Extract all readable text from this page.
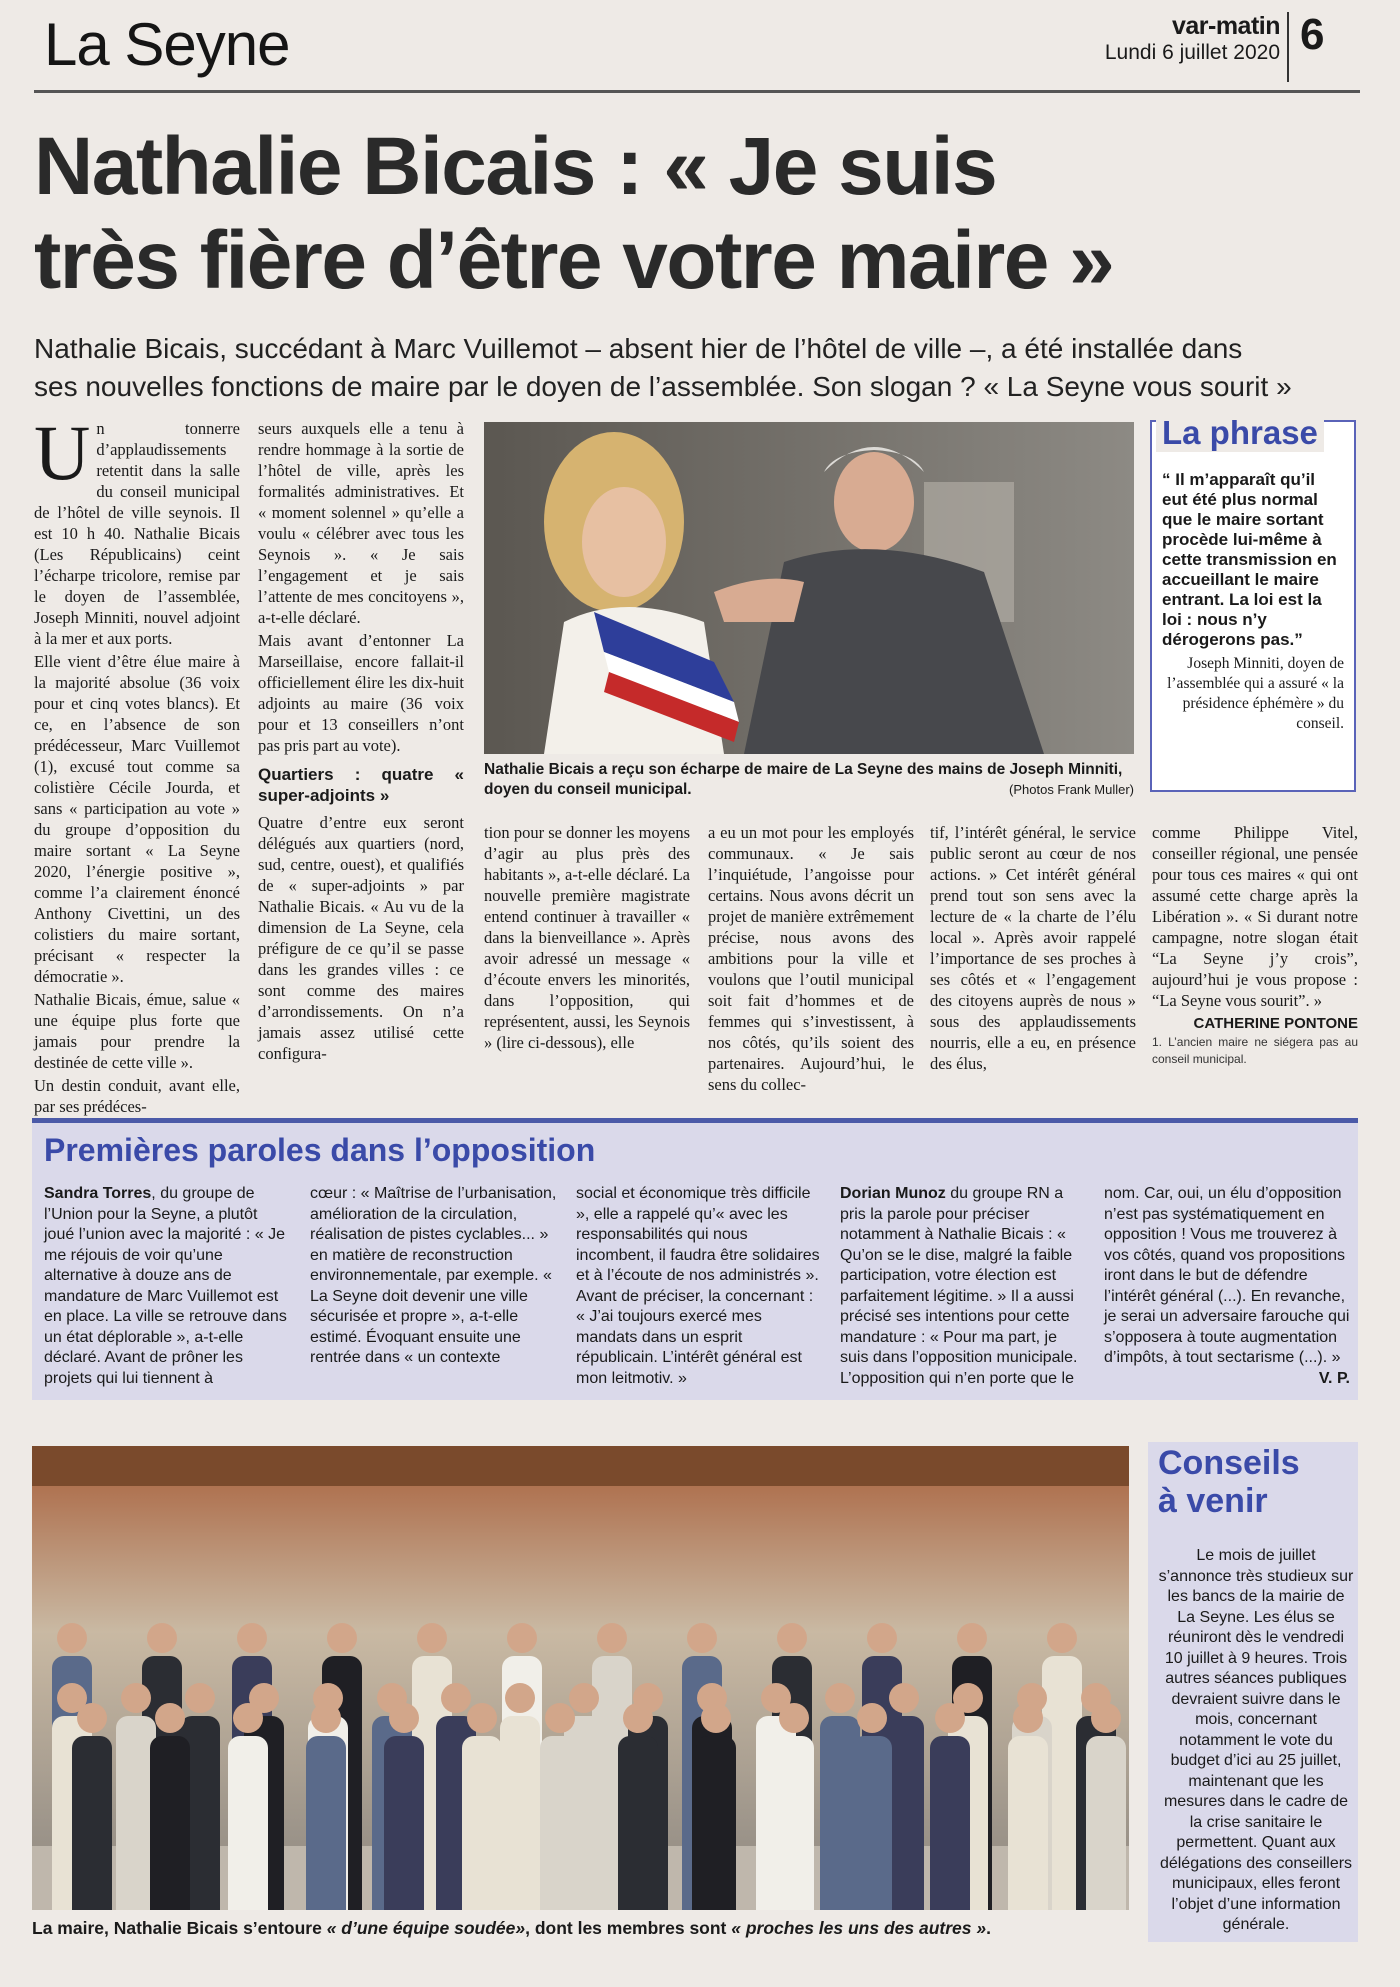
La Seyne	var-matin
Lundi 6 juillet 2020 6
Nathalie Bicais : « Je suis
très fière d’être votre maire »
Nathalie Bicais, succédant à Marc Vuillemot – absent hier de l’hôtel de ville –, a été installée dans
ses nouvelles fonctions de maire par le doyen de l’assemblée. Son slogan ? « La Seyne vous sourit »
U n tonnerre d’applaudissements retentit dans la salle du conseil municipal de l’hôtel de ville seynois. Il est 10 h 40. Nathalie Bicais (Les Républicains) ceint l’écharpe tricolore, remise par le doyen de l’assemblée, Joseph Minniti, nouvel adjoint à la mer et aux ports.

Elle vient d’être élue maire à la majorité absolue (36 voix pour et cinq votes blancs). Et ce, en l’absence de son prédécesseur, Marc Vuillemot (1), excusé tout comme sa colistière Cécile Jourda, et sans « participation au vote » du groupe d’opposition du maire sortant « La Seyne 2020, l’énergie positive », comme l’a clairement énoncé Anthony Civettini, un des colistiers du maire sortant, précisant « respecter la démocratie ».

Nathalie Bicais, émue, salue « une équipe plus forte que jamais pour prendre la destinée de cette ville ».

Un destin conduit, avant elle, par ses prédéces-

seurs auxquels elle a tenu à rendre hommage à la sortie de l’hôtel de ville, après les formalités administratives. Et « moment solennel » qu’elle a voulu « célébrer avec tous les Seynois ». « Je sais l’engagement et je sais l’attente de mes concitoyens », a-t-elle déclaré.

Mais avant d’entonner La Marseillaise, encore fallait-il officiellement élire les dix-huit adjoints au maire (36 voix pour et 13 conseillers n’ont pas pris part au vote).

Quartiers : quatre « super-adjoints »

Quatre d’entre eux seront délégués aux quartiers (nord, sud, centre, ouest), et qualifiés de « super-adjoints » par Nathalie Bicais. « Au vu de la dimension de La Seyne, cela préfigure de ce qu’il se passe dans les grandes villes : ce sont comme des maires d’arrondissements. On n’a jamais assez utilisé cette configura-

Nathalie Bicais a reçu son écharpe de maire de La Seyne des mains de Joseph Minniti, doyen du conseil municipal.	(Photos Frank Muller)
La phrase
“ Il m’apparaît qu’il eut été plus normal que le maire sortant procède lui-même à cette transmission en accueillant le maire entrant. La loi est la loi : nous n’y dérogerons pas.”
Joseph Minniti, doyen de l’assemblée qui a assuré « la présidence éphémère » du conseil.

tion pour se donner les moyens d’agir au plus près des habitants », a-t-elle déclaré. La nouvelle première magistrate entend continuer à travailler « dans la bienveillance ». Après avoir adressé un message « d’écoute envers les minorités, dans l’opposition, qui représentent, aussi, les Seynois » (lire ci-dessous), elle

a eu un mot pour les employés communaux. « Je sais l’inquiétude, l’angoisse pour certains. Nous avons décrit un projet de manière extrêmement précise, nous avons des ambitions pour la ville et voulons que l’outil municipal soit fait d’hommes et de femmes qui s’investissent, à nos côtés, qu’ils soient des partenaires. Aujourd’hui, le sens du collec-

tif, l’intérêt général, le service public seront au cœur de nos actions. » Cet intérêt général prend tout son sens avec la lecture de « la charte de l’élu local ». Après avoir rappelé l’importance de ses proches à ses côtés et « l’engagement des citoyens auprès de nous » sous des applaudissements nourris, elle a eu, en présence des élus,

comme Philippe Vitel, conseiller régional, une pensée pour tous ces maires « qui ont assumé cette charge après la Libération ». « Si durant notre campagne, notre slogan était “La Seyne j’y crois”, aujourd’hui je vous propose : “La Seyne vous sourit”. »

CATHERINE PONTONE
1. L’ancien maire ne siégera pas au conseil municipal.
Premières paroles dans l’opposition
Sandra Torres, du groupe de l’Union pour la Seyne, a plutôt joué l’union avec la majorité : « Je me réjouis de voir qu’une alternative à douze ans de mandature de Marc Vuillemot est en place. La ville se retrouve dans un état déplorable », a-t-elle déclaré. Avant de prôner les projets qui lui tiennent à
cœur : « Maîtrise de l’urbanisation, amélioration de la circulation, réalisation de pistes cyclables... » en matière de reconstruction environnementale, par exemple. « La Seyne doit devenir une ville sécurisée et propre », a-t-elle estimé. Évoquant ensuite une rentrée dans « un contexte
social et économique très difficile », elle a rappelé qu’« avec les responsabilités qui nous incombent, il faudra être solidaires et à l’écoute de nos administrés ». Avant de préciser, la concernant : « J’ai toujours exercé mes mandats dans un esprit républicain. L’intérêt général est mon leitmotiv. »
Dorian Munoz du groupe RN a pris la parole pour préciser notamment à Nathalie Bicais : « Qu’on se le dise, malgré la faible participation, votre élection est parfaitement légitime. » Il a aussi précisé ses intentions pour cette mandature : « Pour ma part, je suis dans l’opposition municipale. L’opposition qui n’en porte que le
nom. Car, oui, un élu d’opposition n’est pas systématiquement en opposition ! Vous me trouverez à vos côtés, quand vos propositions iront dans le but de défendre l’intérêt général (...). En revanche, je serai un adversaire farouche qui s’opposera à toute augmentation d’impôts, à tout sectarisme (...). »
V. P.
La maire, Nathalie Bicais s’entoure « d’une équipe soudée», dont les membres sont « proches les uns des autres ».
Conseils
à venir
Le mois de juillet s’annonce très studieux sur les bancs de la mairie de La Seyne. Les élus se réuniront dès le vendredi 10 juillet à 9 heures. Trois autres séances publiques devraient suivre dans le mois, concernant notamment le vote du budget d’ici au 25 juillet, maintenant que les mesures dans le cadre de la crise sanitaire le permettent. Quant aux délégations des conseillers municipaux, elles feront l’objet d’une information générale.
